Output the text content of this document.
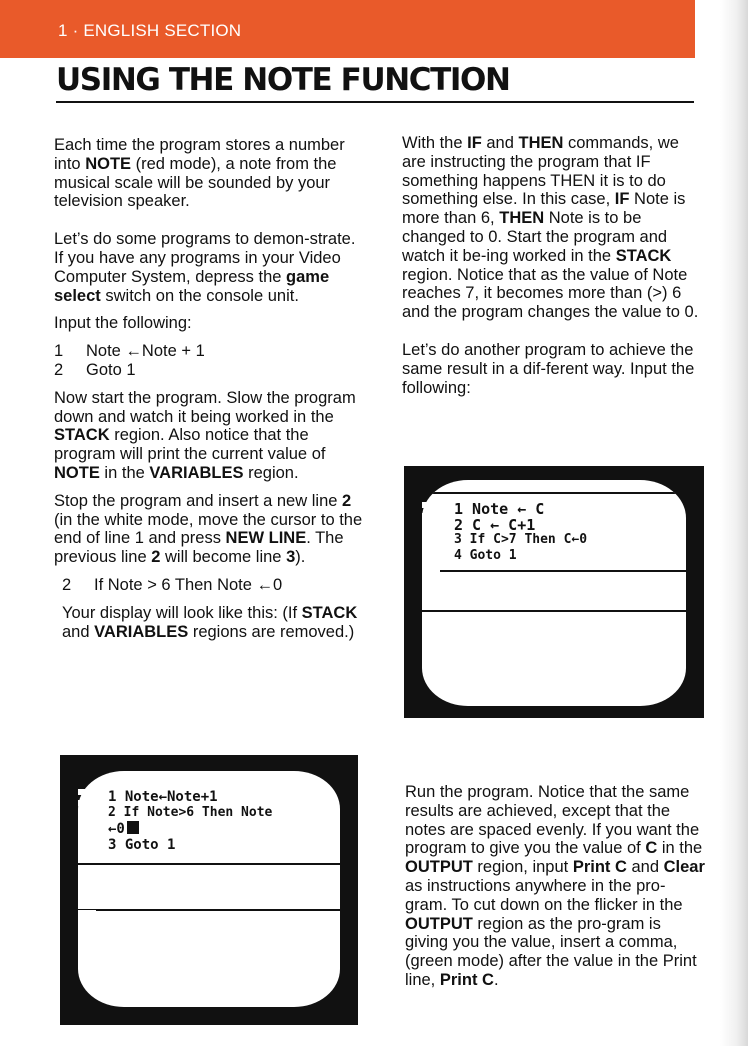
1 · ENGLISH SECTION
USING THE NOTE FUNCTION

Each time the program stores a number into NOTE (red mode), a note from the musical scale will be sounded by your television speaker.

Let’s do some programs to demon-strate. If you have any programs in your Video Computer System, depress the game select switch on the console unit.

Input the following:

1	Note ←Note + 1
2	Goto 1

Now start the program. Slow the program down and watch it being worked in the STACK region. Also notice that the program will print the current value of NOTE in the VARIABLES region.

Stop the program and insert a new line 2 (in the white mode, move the cursor to the end of line 1 and press NEW LINE. The previous line 2 will become line 3).

2	If Note > 6 Then Note ←0

Your display will look like this: (If STACK and VARIABLES regions are removed.)

With the IF and THEN commands, we are instructing the program that IF something happens THEN it is to do something else. In this case, IF Note is more than 6, THEN Note is to be changed to 0. Start the program and watch it be-ing worked in the STACK region. Notice that as the value of Note reaches 7, it becomes more than (>) 6 and the program changes the value to 0.

Let’s do another program to achieve the same result in a dif-ferent way. Input the following:

Run the program. Notice that the same results are achieved, except that the notes are spaced evenly. If you want the program to give you the value of C in the OUTPUT region, input Print C and Clear as instructions anywhere in the pro-gram. To cut down on the flicker in the OUTPUT region as the pro-gram is giving you the value, insert a comma, (green mode) after the value in the Print line, Print C.

1 Note ← C
2 C ← C+1
3 If C>7 Then C←0
4 Goto 1
1 Note←Note+1
2 If Note>6 Then Note
←0
3 Goto 1
